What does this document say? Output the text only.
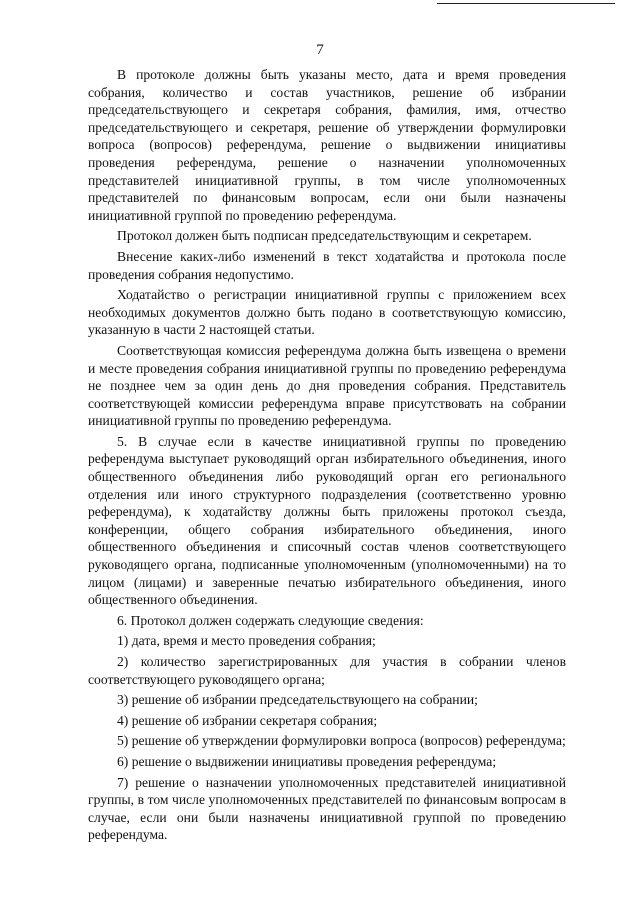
7

В протоколе должны быть указаны место, дата и время проведения собрания, количество и состав участников, решение об избрании председательствующего и секретаря собрания, фамилия, имя, отчество председательствующего и секретаря, решение об утверждении формулировки вопроса (вопросов) референдума, решение о выдвижении инициативы проведения референдума, решение о назначении уполномоченных представителей инициативной группы, в том числе уполномоченных представителей по финансовым вопросам, если они были назначены инициативной группой по проведению референдума.

Протокол должен быть подписан председательствующим и секретарем.

Внесение каких-либо изменений в текст ходатайства и протокола после проведения собрания недопустимо.

Ходатайство о регистрации инициативной группы с приложением всех необходимых документов должно быть подано в соответствующую комиссию, указанную в части 2 настоящей статьи.

Соответствующая комиссия референдума должна быть извещена о времени и месте проведения собрания инициативной группы по проведению референдума не позднее чем за один день до дня проведения собрания. Представитель соответствующей комиссии референдума вправе присутствовать на собрании инициативной группы по проведению референдума.

5. В случае если в качестве инициативной группы по проведению референдума выступает руководящий орган избирательного объединения, иного общественного объединения либо руководящий орган его регионального отделения или иного структурного подразделения (соответственно уровню референдума), к ходатайству должны быть приложены протокол съезда, конференции, общего собрания избирательного объединения, иного общественного объединения и списочный состав членов соответствующего руководящего органа, подписанные уполномоченным (уполномоченными) на то лицом (лицами) и заверенные печатью избирательного объединения, иного общественного объединения.

6. Протокол должен содержать следующие сведения:

1) дата, время и место проведения собрания;

2) количество зарегистрированных для участия в собрании членов соответствующего руководящего органа;

3) решение об избрании председательствующего на собрании;

4) решение об избрании секретаря собрания;

5) решение об утверждении формулировки вопроса (вопросов) референдума;

6) решение о выдвижении инициативы проведения референдума;

7) решение о назначении уполномоченных представителей инициативной группы, в том числе уполномоченных представителей по финансовым вопросам в случае, если они были назначены инициативной группой по проведению референдума.
